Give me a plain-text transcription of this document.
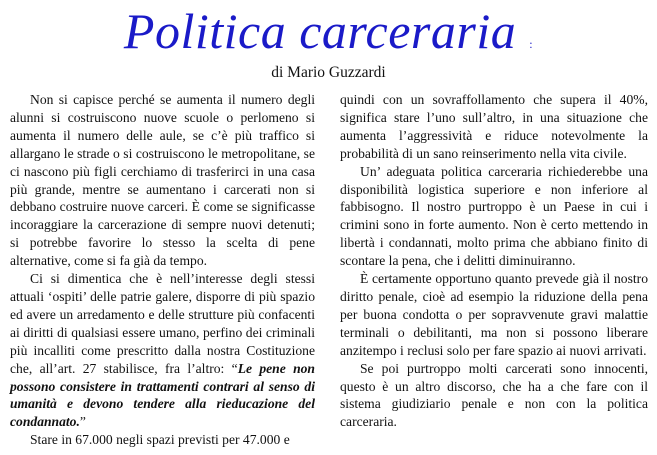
Politica carceraria :
di Mario Guzzardi

Non si capisce perché se aumenta il numero degli alunni si costruiscono nuove scuole o perlomeno si aumenta il numero delle aule, se c’è più traffico si allargano le strade o si costruiscono le metropolitane, se ci nascono più figli cerchiamo di trasferirci in una casa più grande, mentre se aumentano i carcerati non si debbano costruire nuove carceri. È come se significasse incoraggiare la carcerazione di sempre nuovi detenuti; si potrebbe favorire lo stesso la scelta di pene alternative, come si fa già da tempo.

Ci si dimentica che è nell’interesse degli stessi attuali ‘ospiti’ delle patrie galere, disporre di più spazio ed avere un arredamento e delle strutture più confacenti ai diritti di qualsiasi essere umano, perfino dei criminali più incalliti come prescritto dalla nostra Costituzione che, all’art. 27 stabilisce, fra l’altro: “Le pene non possono consistere in trattamenti contrari al senso di umanità e devono tendere alla rieducazione del condannato.”

Stare in 67.000 negli spazi previsti per 47.000 e

quindi con un sovraffollamento che supera il 40%, significa stare l’uno sull’altro, in una situazione che aumenta l’aggressività e riduce notevolmente la probabilità di un sano reinserimento nella vita civile.

Un’ adeguata politica carceraria richiederebbe una disponibilità logistica superiore e non inferiore al fabbisogno. Il nostro purtroppo è un Paese in cui i crimini sono in forte aumento. Non è certo mettendo in libertà i condannati, molto prima che abbiano finito di scontare la pena, che i delitti diminuiranno.

È certamente opportuno quanto prevede già il nostro diritto penale, cioè ad esempio la riduzione della pena per buona condotta o per sopravvenute gravi malattie terminali o debilitanti, ma non si possono liberare anzitempo i reclusi solo per fare spazio ai nuovi arrivati.

Se poi purtroppo molti carcerati sono innocenti, questo è un altro discorso, che ha a che fare con il sistema giudiziario penale e non con la politica carceraria.
